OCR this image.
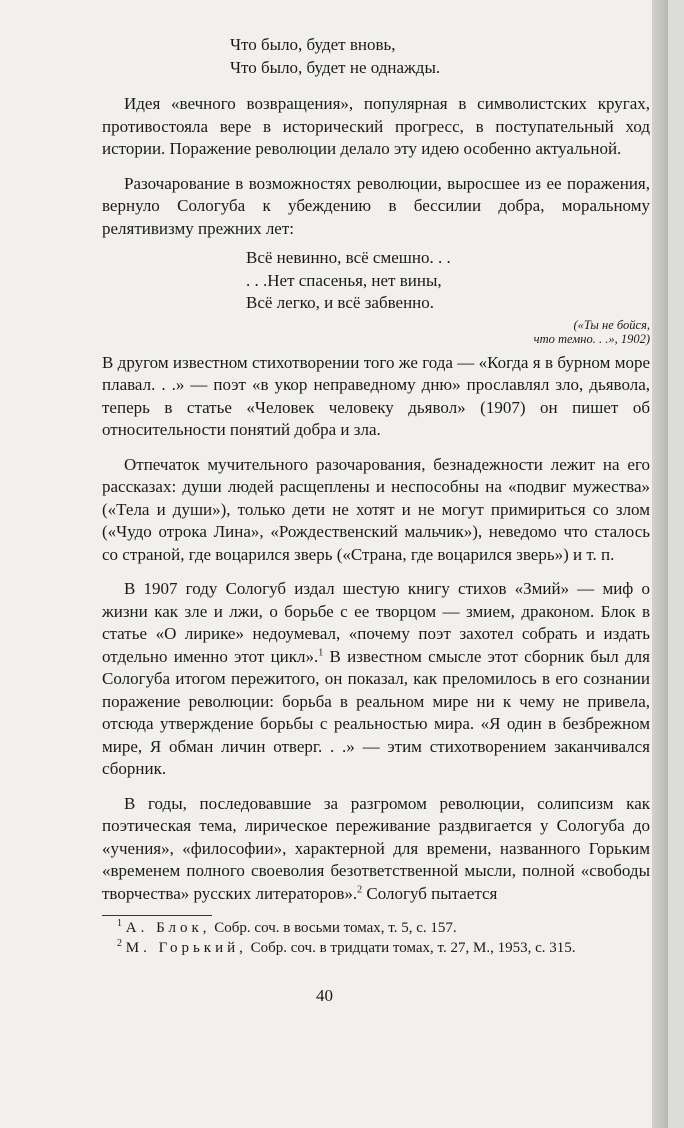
Что было, будет вновь,
Что было, будет не однажды.

Идея «вечного возвращения», популярная в символистских кругах, противостояла вере в исторический прогресс, в поступательный ход истории. Поражение революции делало эту идею особенно актуальной.

Разочарование в возможностях революции, выросшее из ее поражения, вернуло Сологуба к убеждению в бессилии добра, моральному релятивизму прежних лет:

Всё невинно, всё смешно. . .
. . .Нет спасенья, нет вины,
Всё легко, и всё забвенно.
(«Ты не бойся,
что темно. . .», 1902)

В другом известном стихотворении того же года — «Когда я в бурном море плавал. . .» — поэт «в укор неправедному дню» прославлял зло, дьявола, теперь в статье «Человек человеку дьявол» (1907) он пишет об относительности понятий добра и зла.

Отпечаток мучительного разочарования, безнадежности лежит на его рассказах: души людей расщеплены и неспособны на «подвиг мужества» («Тела и души»), только дети не хотят и не могут примириться со злом («Чудо отрока Лина», «Рождественский мальчик»), неведомо что сталось со страной, где воцарился зверь («Страна, где воцарился зверь») и т. п.

В 1907 году Сологуб издал шестую книгу стихов «Змий» — миф о жизни как зле и лжи, о борьбе с ее творцом — змием, драконом. Блок в статье «О лирике» недоумевал, «почему поэт захотел собрать и издать отдельно именно этот цикл».$^1$ В известном смысле этот сборник был для Сологуба итогом пережитого, он показал, как преломилось в его сознании поражение революции: борьба в реальном мире ни к чему не привела, отсюда утверждение борьбы с реальностью мира. «Я один в безбрежном мире, Я обман личин отверг. . .» — этим стихотворением заканчивался сборник.

В годы, последовавшие за разгромом революции, солипсизм как поэтическая тема, лирическое переживание раздвигается у Сологуба до «учения», «философии», характерной для времени, названного Горьким «временем полного своеволия безответственной мысли, полной «свободы творчества» русских литераторов».$^2$ Сологуб пытается

 $^1$ А. Блок, Собр. соч. в восьми томах, т. 5, с. 157.
 $^2$ М. Горький, Собр. соч. в тридцати томах, т. 27, М., 1953, с. 315.
40
